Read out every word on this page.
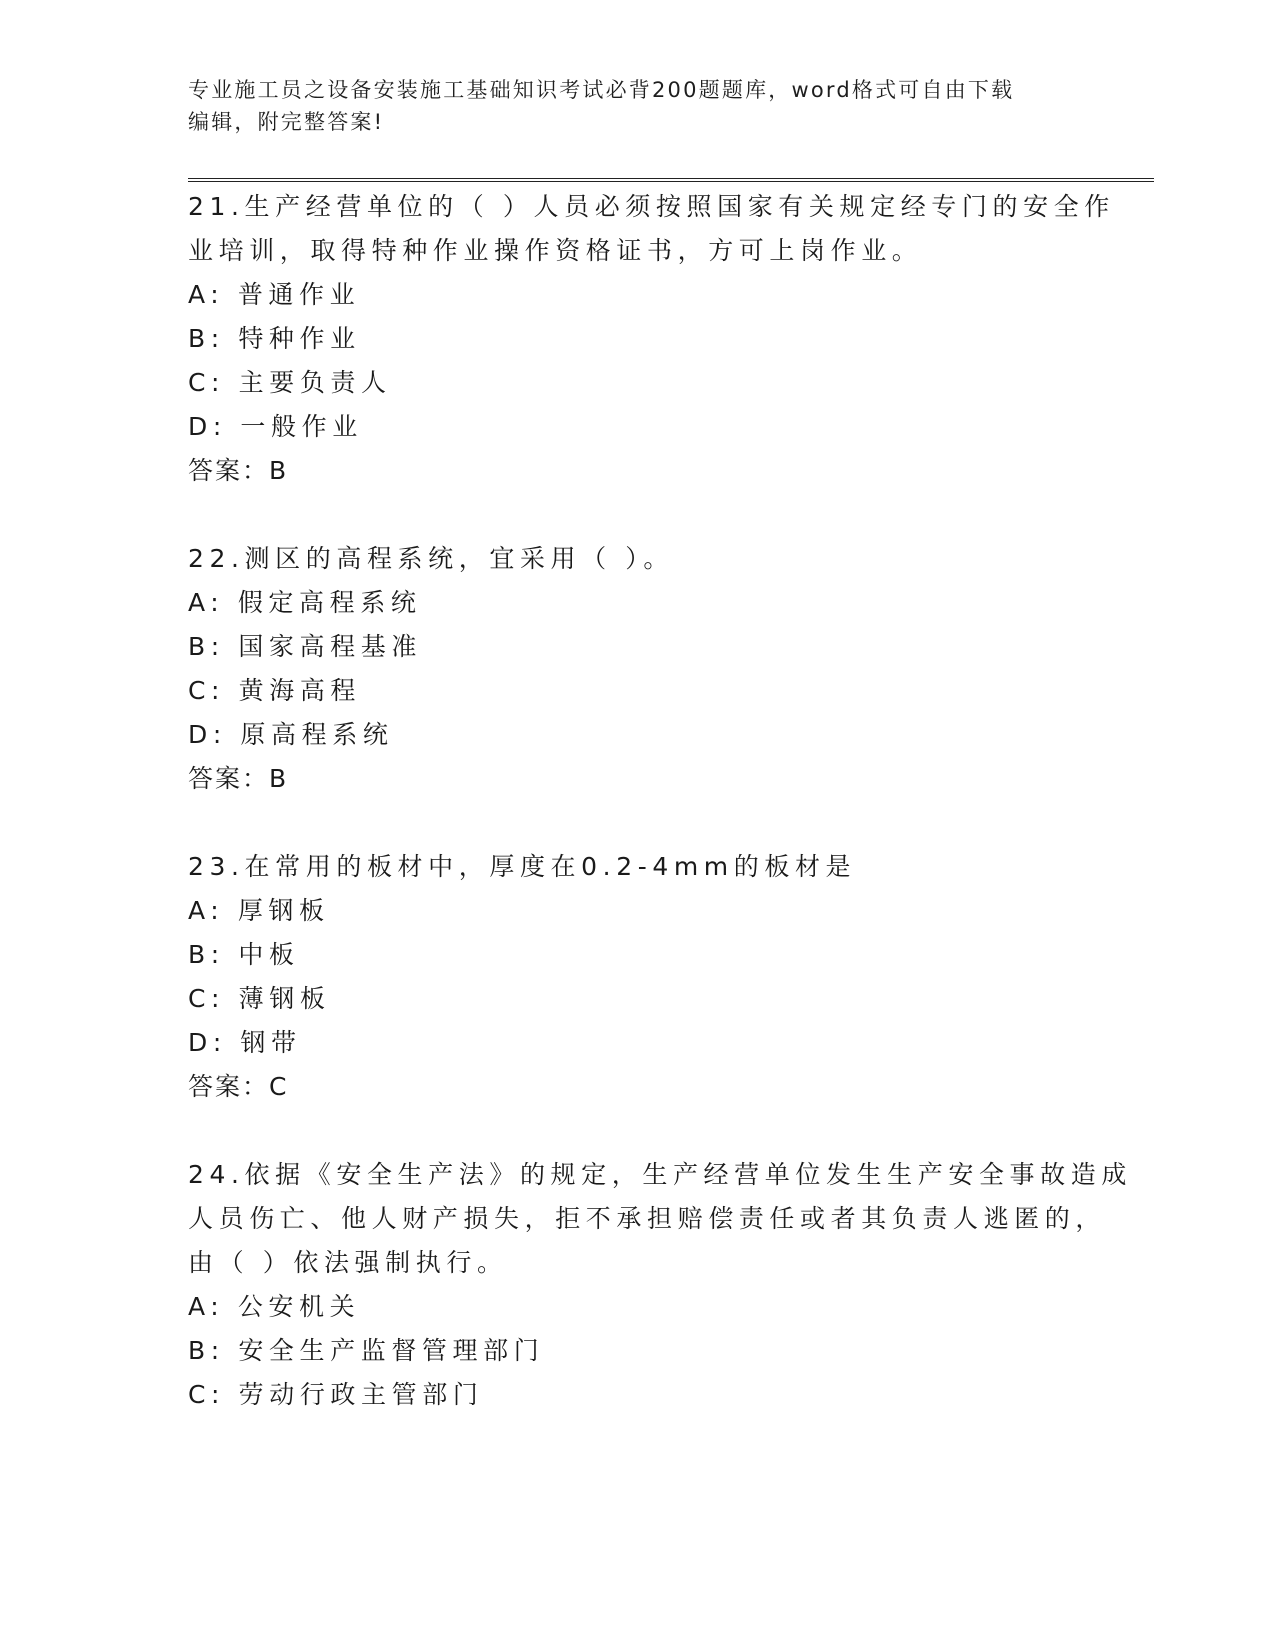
专业施工员之设备安装施工基础知识考试必背200题题库，word格式可自由下载
编辑，附完整答案!
21.生产经营单位的（ ）人员必须按照国家有关规定经专门的安全作
业培训，取得特种作业操作资格证书，方可上岗作业。
A: 普通作业
B: 特种作业
C: 主要负责人
D: 一般作业
答案：B
22.测区的高程系统，宜采用（ ）。
A: 假定高程系统
B: 国家高程基准
C: 黄海高程
D: 原高程系统
答案：B
23.在常用的板材中，厚度在0.2-4mm的板材是
A: 厚钢板
B: 中板
C: 薄钢板
D: 钢带
答案：C
24.依据《安全生产法》的规定，生产经营单位发生生产安全事故造成
人员伤亡、他人财产损失，拒不承担赔偿责任或者其负责人逃匿的，
由（ ）依法强制执行。
A: 公安机关
B: 安全生产监督管理部门
C: 劳动行政主管部门
